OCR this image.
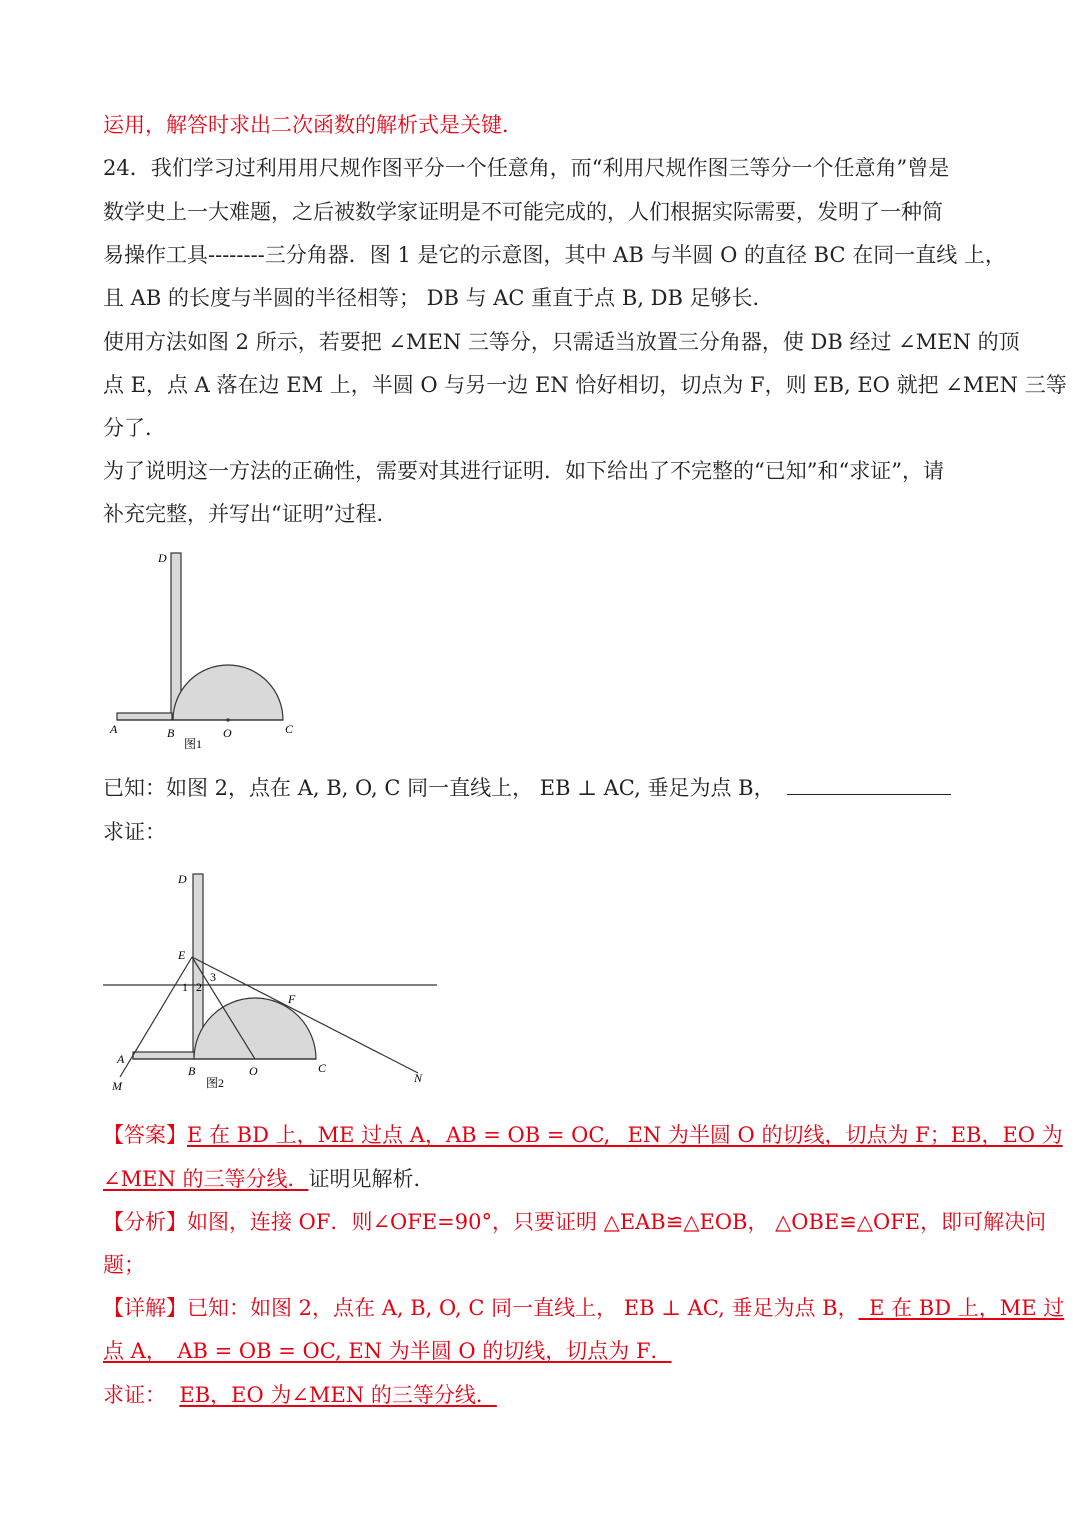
运用，解答时求出二次函数的解析式是关键．

24．我们学习过利用用尺规作图平分一个任意角，而“利用尺规作图三等分一个任意角”曾是

数学史上一大难题，之后被数学家证明是不可能完成的，人们根据实际需要，发明了一种简

易操作工具--------三分角器．图 1 是它的示意图，其中 AB 与半圆 O 的直径 BC 在同一直线 上，

且 AB 的长度与半圆的半径相等； DB 与 AC 重直于点 B, DB 足够长．

使用方法如图 2 所示，若要把 ∠MEN 三等分，只需适当放置三分角器，使 DB 经过 ∠MEN 的顶

点 E，点 A 落在边 EM 上，半圆 O 与另一边 EN 恰好相切，切点为 F，则 EB, EO 就把 ∠MEN 三等

分了．

为了说明这一方法的正确性，需要对其进行证明．如下给出了不完整的“已知”和“求证”，请

补充完整，并写出“证明”过程．

D
A	B	O	C
图1

已知：如图 2，点在 A, B, O, C 同一直线上， EB ⊥ AC, 垂足为点 B，

求证：

D
E
3
1 2
F
A
M
B	O	C
N
图2

【答案】E 在 BD 上，ME 过点 A，AB = OB = OC, _EN 为半圆 O 的切线，切点为 F；EB，EO 为

∠MEN 的三等分线．证明见解析．

【分析】如图，连接 OF．则∠OFE=90°，只要证明 △EAB≌△EOB， △OBE≌△OFE，即可解决问

题；

【详解】已知：如图 2，点在 A, B, O, C 同一直线上， EB ⊥ AC, 垂足为点 B，_E 在 BD 上，ME 过

点 A，_AB = OB = OC, EN 为半圆 O 的切线，切点为 F．

求证： EB，EO 为∠MEN 的三等分线．
